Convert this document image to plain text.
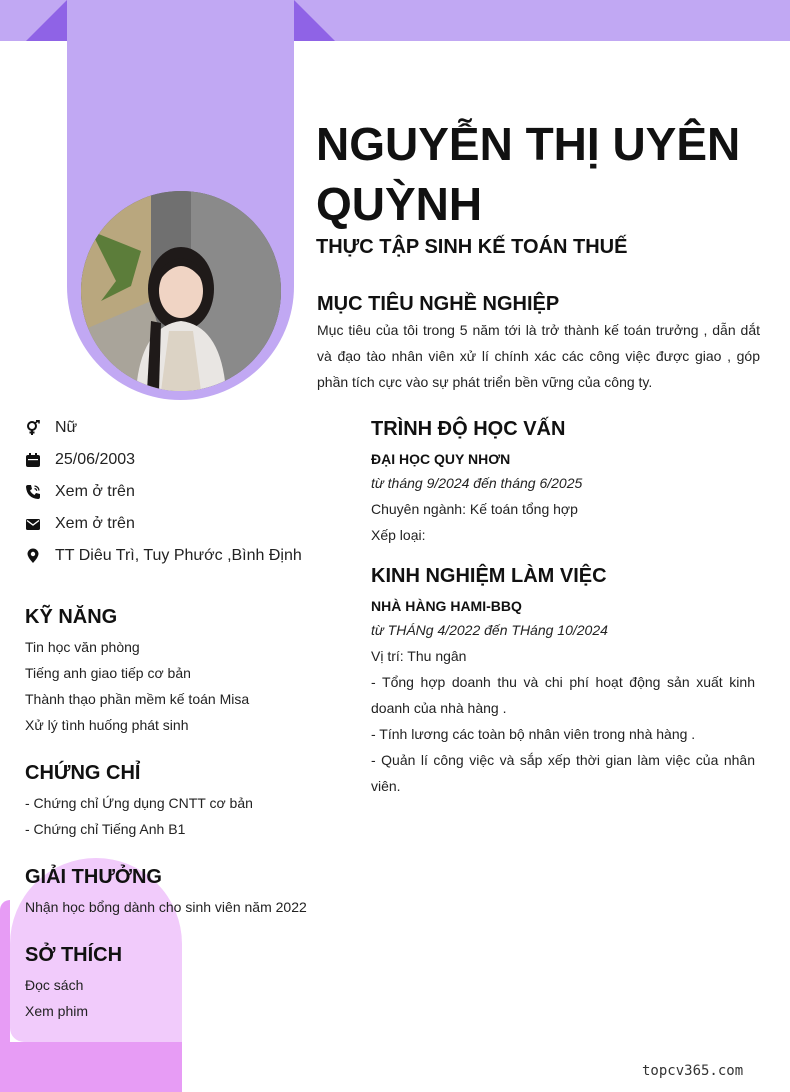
NGUYỄN THỊ UYÊN QUỲNH
THỰC TẬP SINH KẾ TOÁN THUẾ
MỤC TIÊU NGHỀ NGHIỆP

Mục tiêu của tôi trong 5 năm tới là trở thành kế toán trưởng , dẫn dắt và đạo tào nhân viên xử lí chính xác các công việc được giao , góp phần tích cực vào sự phát triển bền vững của công ty.

Nữ
25/06/2003
Xem ở trên
Xem ở trên
TT Diêu Trì, Tuy Phước ,Bình Định
KỸ NĂNG
Tin học văn phòng
Tiếng anh giao tiếp cơ bản
Thành thạo phần mềm kế toán Misa
Xử lý tình huống phát sinh
CHỨNG CHỈ
- Chứng chỉ Ứng dụng CNTT cơ bản
- Chứng chỉ Tiếng Anh B1
GIẢI THƯỞNG
Nhận học bổng dành cho sinh viên năm 2022
SỞ THÍCH
Đọc sách
Xem phim
TRÌNH ĐỘ HỌC VẤN
ĐẠI HỌC QUY NHƠN
từ tháng 9/2024 đến tháng 6/2025
Chuyên ngành: Kế toán tổng hợp
Xếp loại:
KINH NGHIỆM LÀM VIỆC
NHÀ HÀNG HAMI-BBQ
từ THÁNg 4/2022 đến THáng 10/2024
Vị trí: Thu ngân
- Tổng hợp doanh thu và chi phí hoạt động sản xuất kinh doanh của nhà hàng .
- Tính lương các toàn bộ nhân viên trong nhà hàng .
- Quản lí công việc và sắp xếp thời gian làm việc của nhân viên.
topcv365.com
